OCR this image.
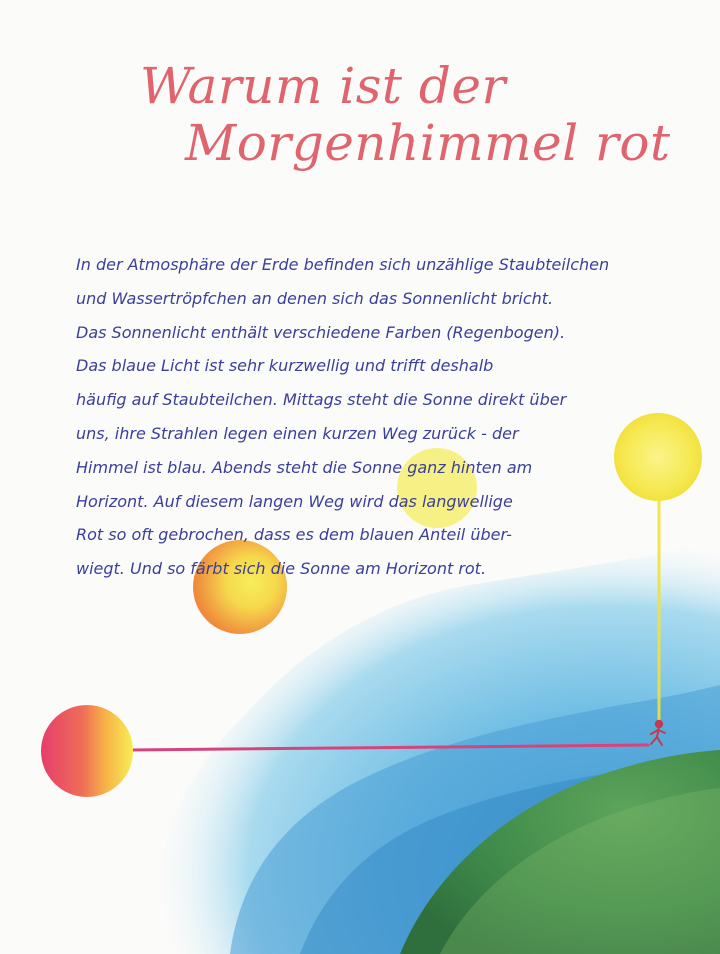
Warum ist der
Morgenhimmel rot
In der Atmosphäre der Erde befinden sich unzählige Staubteilchen
und Wassertröpfchen an denen sich das Sonnenlicht bricht.
Das Sonnenlicht enthält verschiedene Farben (Regenbogen).
Das blaue Licht ist sehr kurzwellig und trifft deshalb
häufig auf Staubteilchen. Mittags steht die Sonne direkt über
uns, ihre Strahlen legen einen kurzen Weg zurück - der
Himmel ist blau. Abends steht die Sonne ganz hinten am
Horizont. Auf diesem langen Weg wird das langwellige
Rot so oft gebrochen, dass es dem blauen Anteil über-
wiegt. Und so färbt sich die Sonne am Horizont rot.
